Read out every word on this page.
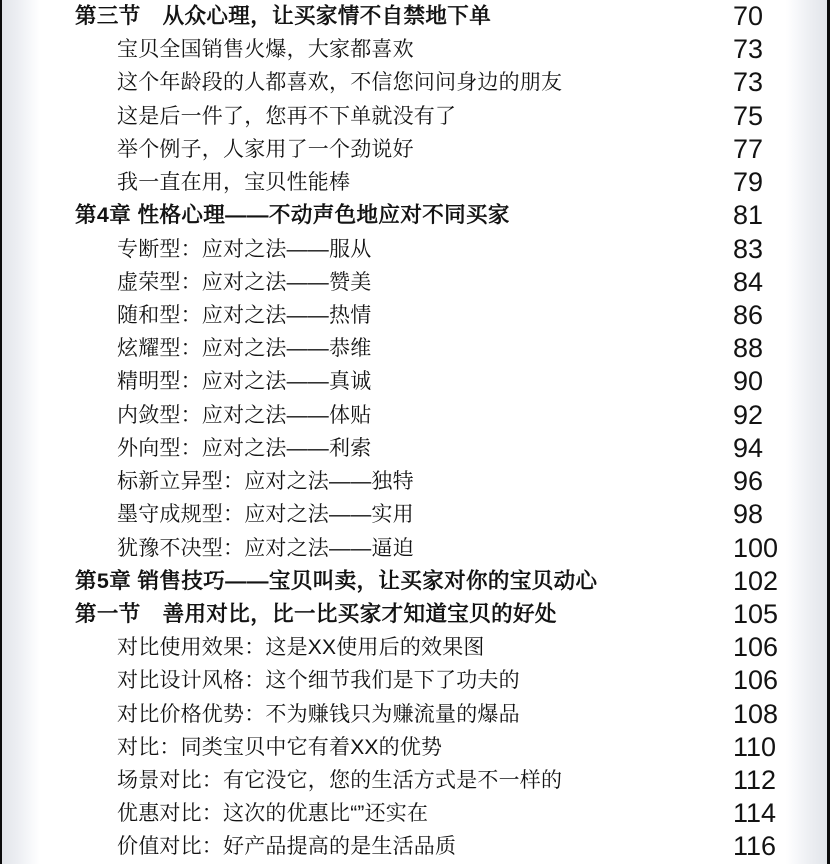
第三节　从众心理，让买家情不自禁地下单	70
宝贝全国销售火爆，大家都喜欢	73
这个年龄段的人都喜欢，不信您问问身边的朋友	73
这是后一件了，您再不下单就没有了	75
举个例子，人家用了一个劲说好	77
我一直在用，宝贝性能棒	79
第4章 性格心理——不动声色地应对不同买家	81
专断型：应对之法——服从	83
虚荣型：应对之法——赞美	84
随和型：应对之法——热情	86
炫耀型：应对之法——恭维	88
精明型：应对之法——真诚	90
内敛型：应对之法——体贴	92
外向型：应对之法——利索	94
标新立异型：应对之法——独特	96
墨守成规型：应对之法——实用	98
犹豫不决型：应对之法——逼迫	100
第5章 销售技巧——宝贝叫卖，让买家对你的宝贝动心	102
第一节　善用对比，比一比买家才知道宝贝的好处	105
对比使用效果：这是XX使用后的效果图	106
对比设计风格：这个细节我们是下了功夫的	106
对比价格优势：不为赚钱只为赚流量的爆品	108
对比：同类宝贝中它有着XX的优势	110
场景对比：有它没它，您的生活方式是不一样的	112
优惠对比：这次的优惠比“”还实在	114
价值对比：好产品提高的是生活品质	116
